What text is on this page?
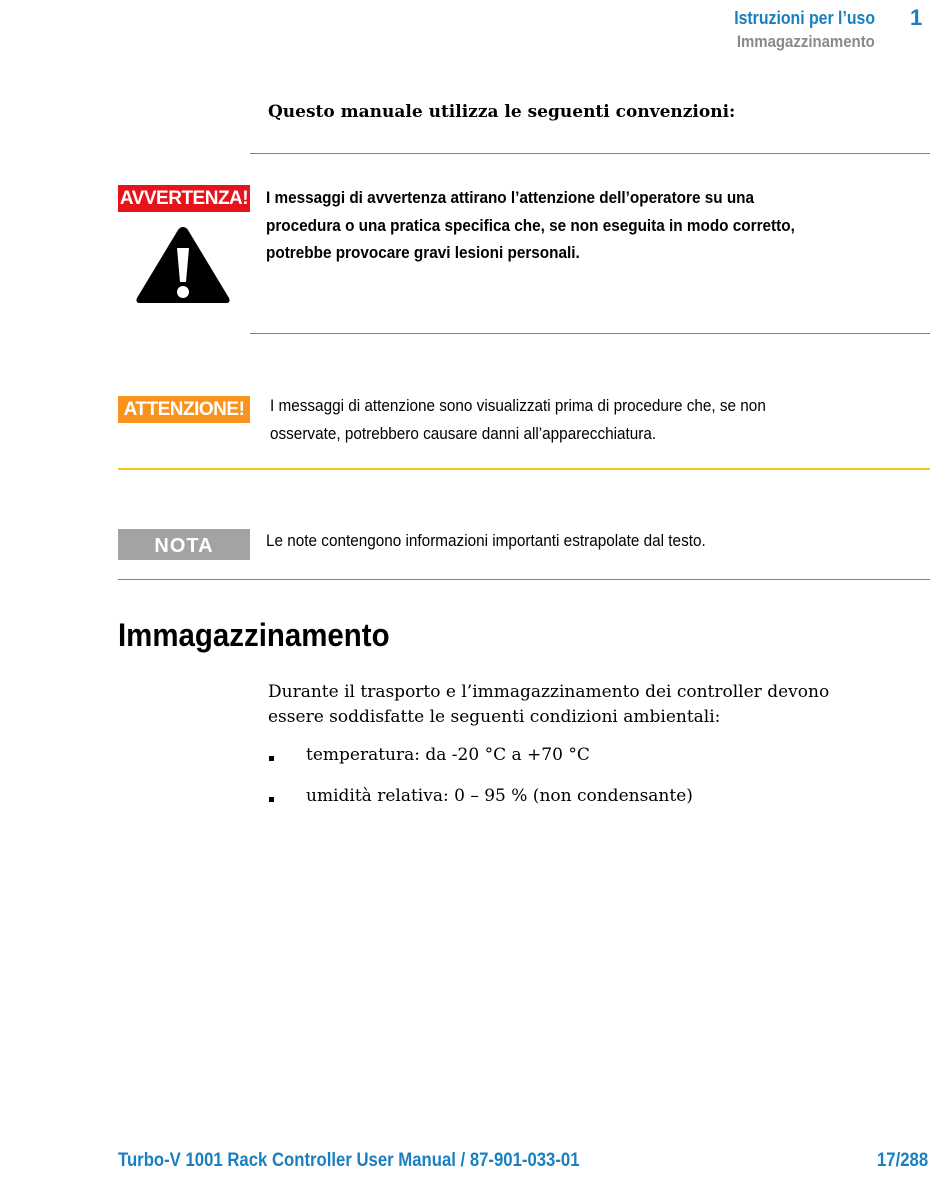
Istruzioni per l’uso
Immagazzinamento
1
Questo manuale utilizza le seguenti convenzioni:
AVVERTENZA! I messaggi di avvertenza attirano l’attenzione dell’operatore su una
procedura o una pratica specifica che, se non eseguita in modo corretto,
potrebbe provocare gravi lesioni personali.
ATTENZIONE!	I messaggi di attenzione sono visualizzati prima di procedure che, se non
osservate, potrebbero causare danni all’apparecchiatura.
NOTA	Le note contengono informazioni importanti estrapolate dal testo.
Immagazzinamento
Durante il trasporto e l’immagazzinamento dei controller devono
essere soddisfatte le seguenti condizioni ambientali:
temperatura: da -20 °C a +70 °C
umidità relativa: 0 – 95 % (non condensante)
Turbo-V 1001 Rack Controller User Manual / 87-901-033-01	17/288
